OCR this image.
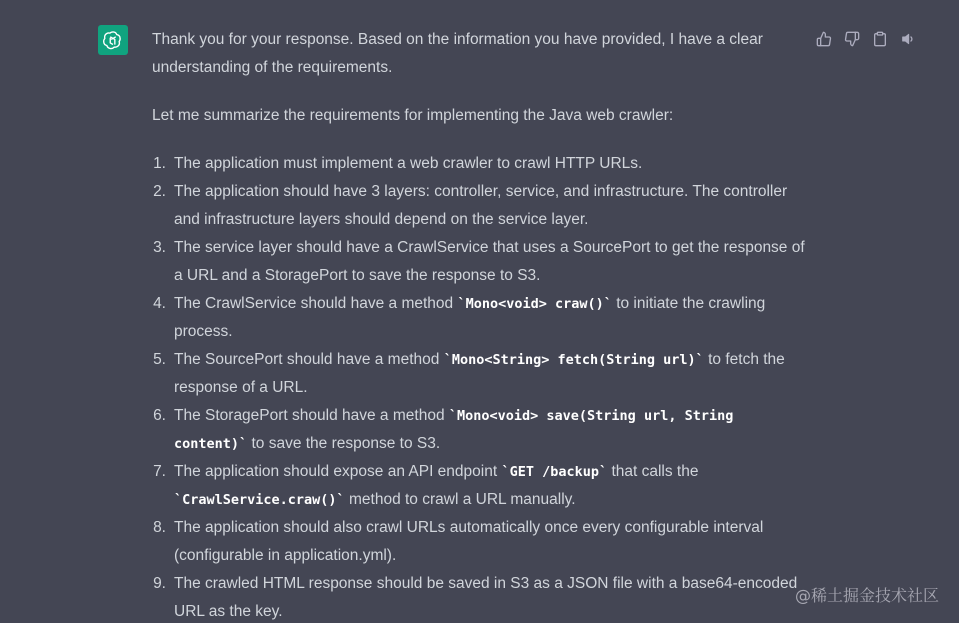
Thank you for your response. Based on the information you have provided, I have a clear understanding of the requirements.

Let me summarize the requirements for implementing the Java web crawler:

1. The application must implement a web crawler to crawl HTTP URLs.
2. The application should have 3 layers: controller, service, and infrastructure. The controller and infrastructure layers should depend on the service layer.
3. The service layer should have a CrawlService that uses a SourcePort to get the response of a URL and a StoragePort to save the response to S3.
4. The CrawlService should have a method `Mono<void> craw()` to initiate the crawling process.
5. The SourcePort should have a method `Mono<String> fetch(String url)` to fetch the response of a URL.
6. The StoragePort should have a method `Mono<void> save(String url, String content)` to save the response to S3.
7. The application should expose an API endpoint `GET /backup` that calls the `CrawlService.craw()` method to crawl a URL manually.
8. The application should also crawl URLs automatically once every configurable interval (configurable in application.yml).
9. The crawled HTML response should be saved in S3 as a JSON file with a base64-encoded URL as the key.
@稀土掘金技术社区
